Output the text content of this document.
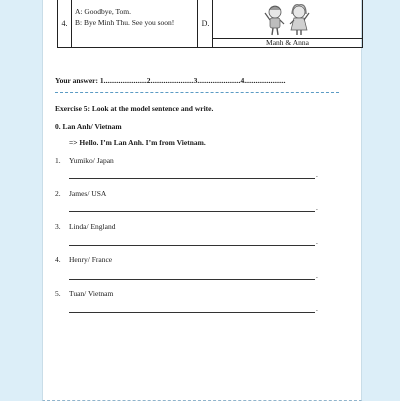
4.
A: Goodbye, Tom.
B: Bye Minh Thu. See you soon!	D.
Manh & Anna
Your answer: 1.......................2.......................3.......................4......................
Exercise 5: Look at the model sentence and write.
0. Lan Anh/ Vietnam
=> Hello. I’m Lan Anh. I’m from Vietnam.
1. Yumiko/ Japan
.
2. James/ USA
.
3. Linda/ England
.
4. Henry/ France
.
5. Tuan/ Vietnam
.
